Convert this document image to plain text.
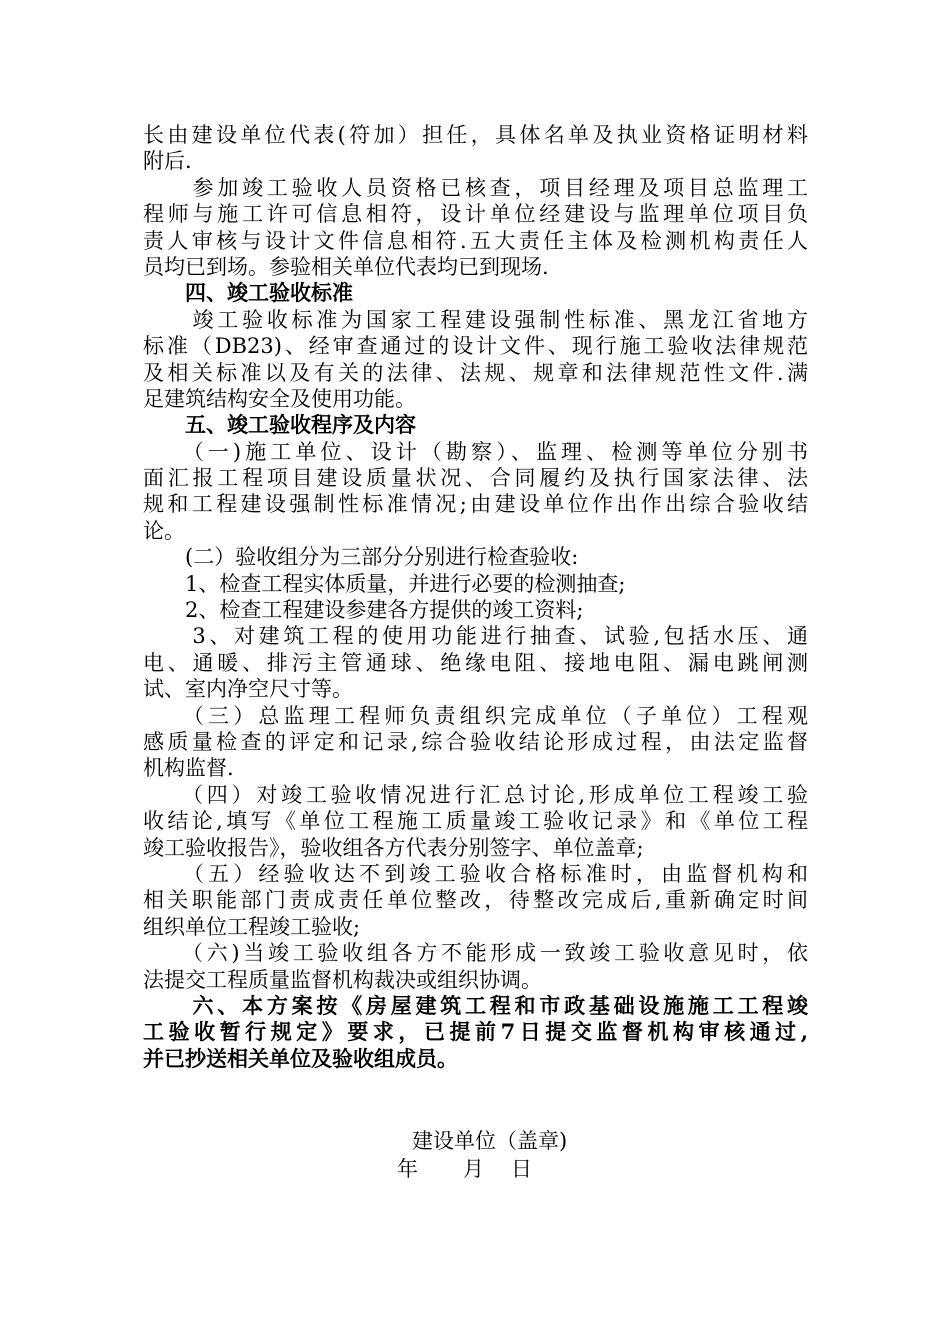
长由建设单位代表(符加）担任，具体名单及执业资格证明材料
附后.
　　参加竣工验收人员资格已核查，项目经理及项目总监理工
程师与施工许可信息相符，设计单位经建设与监理单位项目负
责人审核与设计文件信息相符.五大责任主体及检测机构责任人
员均已到场。参验相关单位代表均已到现场.
　　四、竣工验收标准
　　竣工验收标准为国家工程建设强制性标准、黑龙江省地方
标准（DB23)、经审查通过的设计文件、现行施工验收法律规范
及相关标准以及有关的法律、法规、规章和法律规范性文件.满
足建筑结构安全及使用功能。
　　五、竣工验收程序及内容
　　（一)施工单位、设计（勘察）、监理、检测等单位分别书
面汇报工程项目建设质量状况、合同履约及执行国家法律、法
规和工程建设强制性标准情况;由建设单位作出作出综合验收结
论。
　　(二）验收组分为三部分分别进行检查验收:
　　1、检查工程实体质量，并进行必要的检测抽查;
　　2、检查工程建设参建各方提供的竣工资料;
　　3、对建筑工程的使用功能进行抽查、试验,包括水压、通
电、通暖、排污主管通球、绝缘电阻、接地电阻、漏电跳闸测
试、室内净空尺寸等。
　　（三）总监理工程师负责组织完成单位（子单位）工程观
感质量检查的评定和记录,综合验收结论形成过程，由法定监督
机构监督.
　　（四）对竣工验收情况进行汇总讨论,形成单位工程竣工验
收结论,填写《单位工程施工质量竣工验收记录》和《单位工程
竣工验收报告》，验收组各方代表分别签字、单位盖章;
　　（五）经验收达不到竣工验收合格标准时，由监督机构和
相关职能部门责成责任单位整改，待整改完成后,重新确定时间
组织单位工程竣工验收;
　　（六)当竣工验收组各方不能形成一致竣工验收意见时，依
法提交工程质量监督机构裁决或组织协调。
　　六、本方案按《房屋建筑工程和市政基础设施施工工程竣
工验收暂行规定》要求，已提前7日提交监督机构审核通过,
并已抄送相关单位及验收组成员。
建设单位（盖章)
年 月 日
